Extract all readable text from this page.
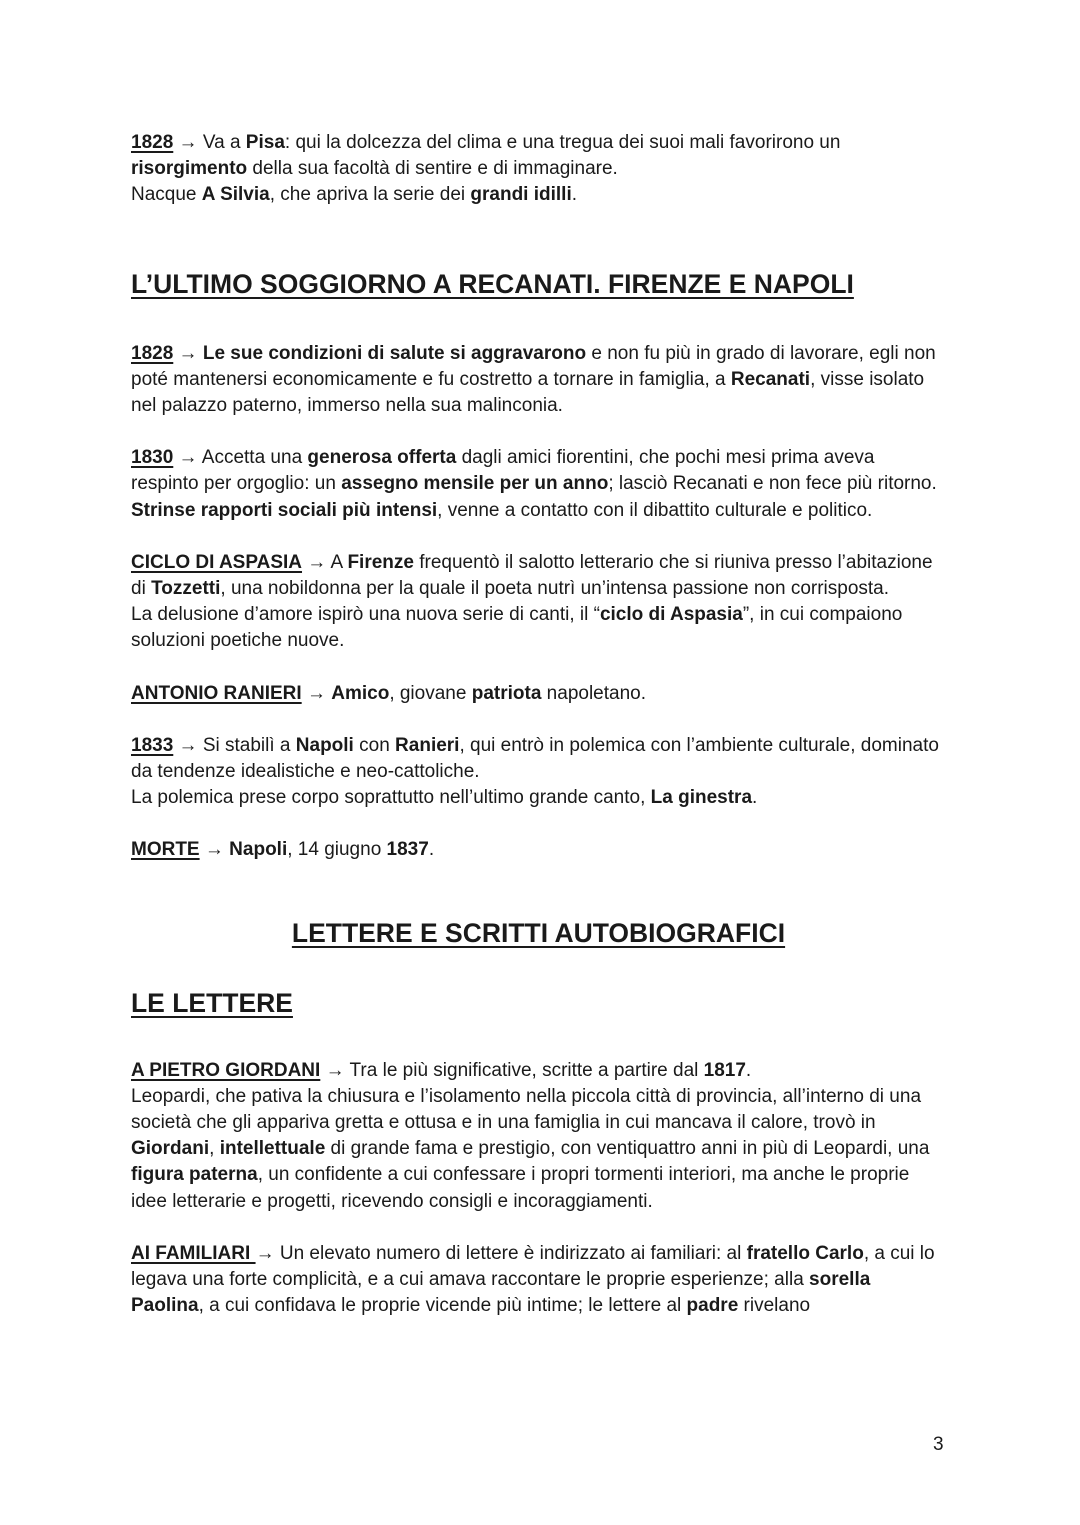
1828 → Va a Pisa: qui la dolcezza del clima e una tregua dei suoi mali favorirono un risorgimento della sua facoltà di sentire e di immaginare.

Nacque A Silvia, che apriva la serie dei grandi idilli.

L’ULTIMO SOGGIORNO A RECANATI. FIRENZE E NAPOLI

1828 → Le sue condizioni di salute si aggravarono e non fu più in grado di lavorare, egli non poté mantenersi economicamente e fu costretto a tornare in famiglia, a Recanati, visse isolato nel palazzo paterno, immerso nella sua malinconia.

1830 → Accetta una generosa offerta dagli amici fiorentini, che pochi mesi prima aveva respinto per orgoglio: un assegno mensile per un anno; lasciò Recanati e non fece più ritorno.

Strinse rapporti sociali più intensi, venne a contatto con il dibattito culturale e politico.

CICLO DI ASPASIA → A Firenze frequentò il salotto letterario che si riuniva presso l’abitazione di Tozzetti, una nobildonna per la quale il poeta nutrì un’intensa passione non corrisposta.

La delusione d’amore ispirò una nuova serie di canti, il “ciclo di Aspasia”, in cui compaiono soluzioni poetiche nuove.

ANTONIO RANIERI → Amico, giovane patriota napoletano.

1833 → Si stabilì a Napoli con Ranieri, qui entrò in polemica con l’ambiente culturale, dominato da tendenze idealistiche e neo-cattoliche.

La polemica prese corpo soprattutto nell’ultimo grande canto, La ginestra.

MORTE → Napoli, 14 giugno 1837.

LETTERE E SCRITTI AUTOBIOGRAFICI
LE LETTERE

A PIETRO GIORDANI → Tra le più significative, scritte a partire dal 1817.

Leopardi, che pativa la chiusura e l’isolamento nella piccola città di provincia, all’interno di una società che gli appariva gretta e ottusa e in una famiglia in cui mancava il calore, trovò in Giordani, intellettuale di grande fama e prestigio, con ventiquattro anni in più di Leopardi, una figura paterna, un confidente a cui confessare i propri tormenti interiori, ma anche le proprie idee letterarie e progetti, ricevendo consigli e incoraggiamenti.

AI FAMILIARI → Un elevato numero di lettere è indirizzato ai familiari: al fratello Carlo, a cui lo legava una forte complicità, e a cui amava raccontare le proprie esperienze; alla sorella Paolina, a cui confidava le proprie vicende più intime; le lettere al padre rivelano

3
